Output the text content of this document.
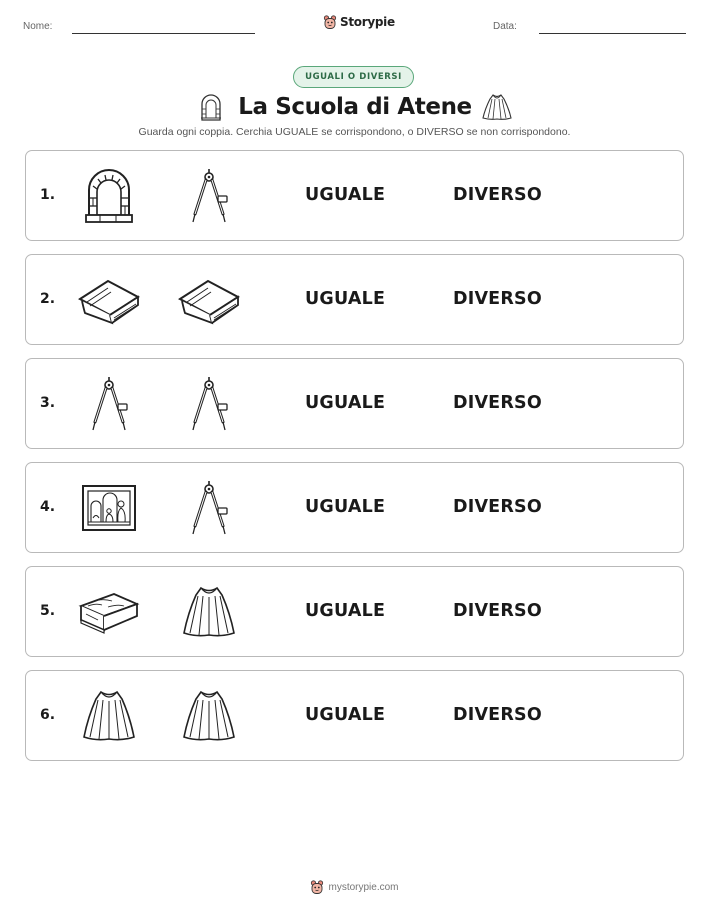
Nome:	Storypie	Data:
UGUALI O DIVERSI
La Scuola di Atene
Guarda ogni coppia. Cerchia UGUALE se corrispondono, o DIVERSO se non corrispondono.
1.	UGUALE	DIVERSO
2.	UGUALE	DIVERSO
3.	UGUALE	DIVERSO
4.	UGUALE	DIVERSO
5.	UGUALE	DIVERSO
6.	UGUALE	DIVERSO
mystorypie.com
